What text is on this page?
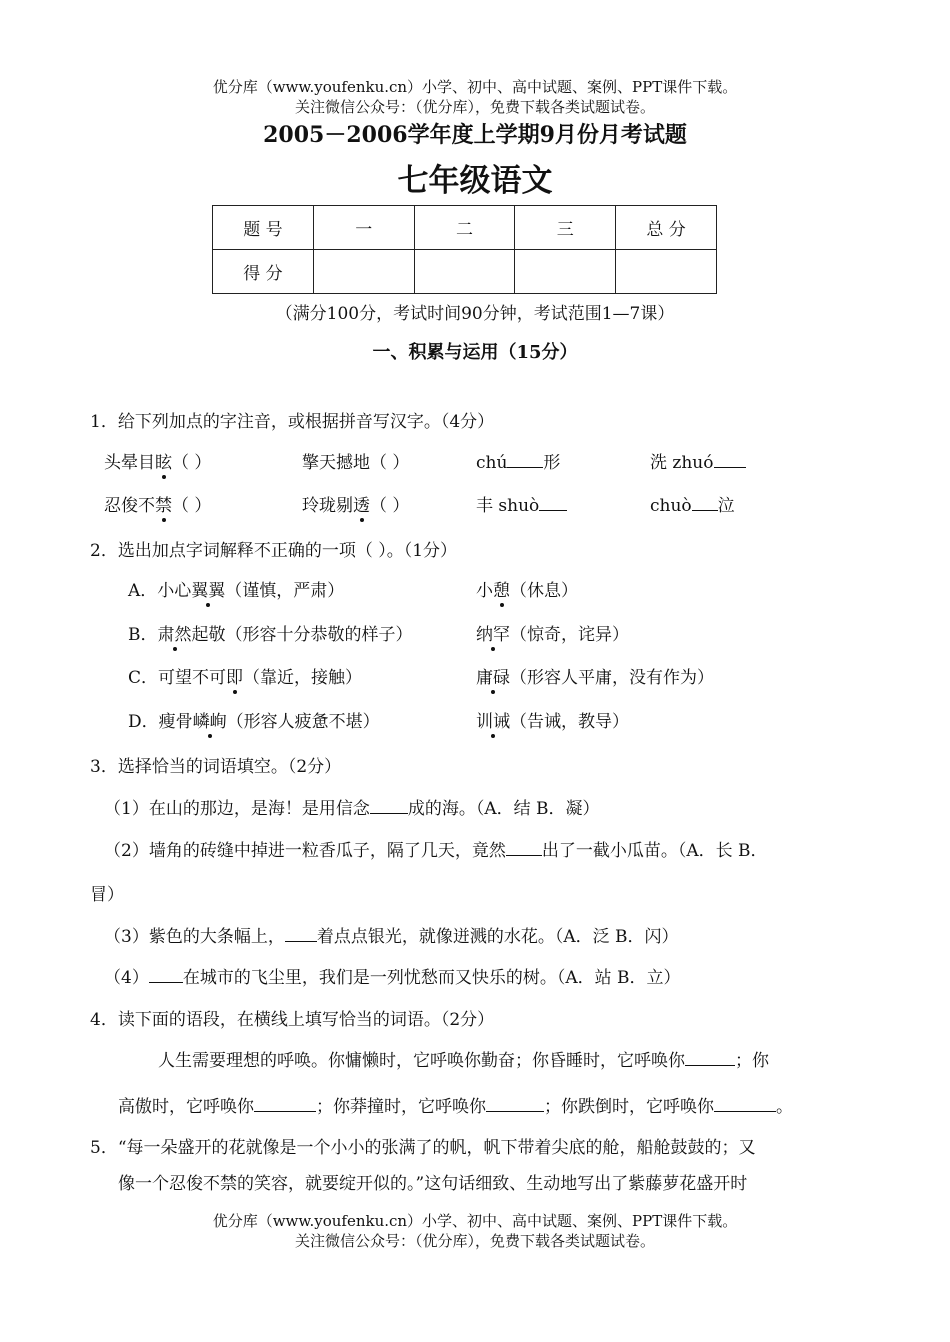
优分库（www.youfenku.cn）小学、初中、高中试题、案例、PPT课件下载。
关注微信公众号：（优分库），免费下载各类试题试卷。
2005－2006学年度上学期9月份月考试题
七年级语文
题 号	一	二	三	总 分
得 分				
（满分100分，考试时间90分钟，考试范围1—7课）
一、积累与运用（15分）
1．给下列加点的字注音，或根据拼音写汉字。（4分）
头晕目眩（ ）	擎天撼地（ ）	chú 形	洗 zhuó
忍俊不禁（ ）	玲珑剔透（ ）	丰 shuò	chuò 泣
2．选出加点字词解释不正确的一项（ ）。（1分）
A．小心翼翼（谨慎，严肃）	小憩（休息）
B．肃然起敬（形容十分恭敬的样子）	纳罕（惊奇，诧异）
C．可望不可即（靠近，接触）	庸碌（形容人平庸，没有作为）
D．瘦骨嶙峋（形容人疲惫不堪）	训诫（告诫，教导）
3．选择恰当的词语填空。（2分）
（1）在山的那边，是海！是用信念 成的海。（A．结 B．凝）
（2）墙角的砖缝中掉进一粒香瓜子，隔了几天，竟然 出了一截小瓜苗。（A．长 B．
冒）
（3）紫色的大条幅上， 着点点银光，就像迸溅的水花。（A．泛 B．闪）
（4） 在城市的飞尘里，我们是一列忧愁而又快乐的树。（A．站 B．立）
4．读下面的语段，在横线上填写恰当的词语。（2分）
人生需要理想的呼唤。你慵懒时，它呼唤你勤奋；你昏睡时，它呼唤你	；你
高傲时，它呼唤你	；你莽撞时，它呼唤你	；你跌倒时，它呼唤你	。
5．“每一朵盛开的花就像是一个小小的张满了的帆，帆下带着尖底的舱，船舱鼓鼓的；又
像一个忍俊不禁的笑容，就要绽开似的。”这句话细致、生动地写出了紫藤萝花盛开时
优分库（www.youfenku.cn）小学、初中、高中试题、案例、PPT课件下载。
关注微信公众号：（优分库），免费下载各类试题试卷。
